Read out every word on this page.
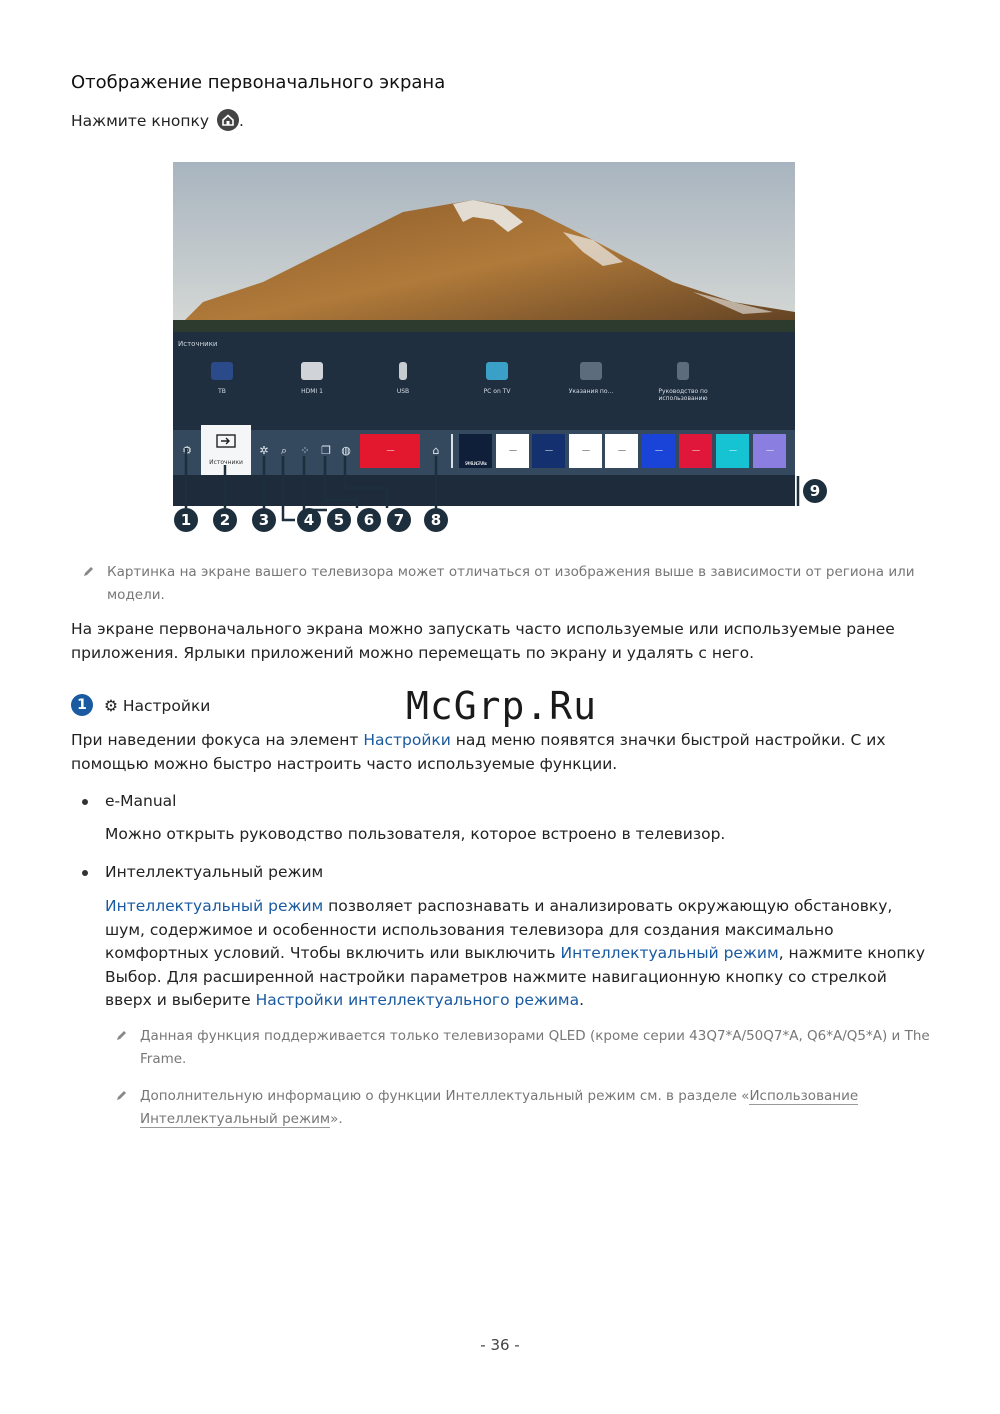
Отображение первоначального экрана
Нажмите кнопку .
Источники
ТВ	HDMI 1	USB	PC on TV	Указания по...	Руководство по использованию
⚙
Источники
✲	⌕	⁘	❐ ◍	------	⌂
SAMSUNG TV Plus
------	------	------	------	------	------	------	------
1	2	3	4	5	6	7	8
9
Картинка на экране вашего телевизора может отличаться от изображения выше в зависимости от региона или модели.
На экране первоначального экрана можно запускать часто используемые или используемые ранее приложения. Ярлыки приложений можно перемещать по экрану и удалять с него.
McGrp.Ru
1	⚙ Настройки
При наведении фокуса на элемент Настройки над меню появятся значки быстрой настройки. С их помощью можно быстро настроить часто используемые функции.
e-Manual
Можно открыть руководство пользователя, которое встроено в телевизор.
Интеллектуальный режим
Интеллектуальный режим позволяет распознавать и анализировать окружающую обстановку, шум, содержимое и особенности использования телевизора для создания максимально комфортных условий. Чтобы включить или выключить Интеллектуальный режим, нажмите кнопку Выбор. Для расширенной настройки параметров нажмите навигационную кнопку со стрелкой вверх и выберите Настройки интеллектуального режима.
Данная функция поддерживается только телевизорами QLED (кроме серии 43Q7*A/50Q7*A, Q6*A/Q5*A) и The Frame.
Дополнительную информацию о функции Интеллектуальный режим см. в разделе «Использование Интеллектуальный режим».
- 36 -
